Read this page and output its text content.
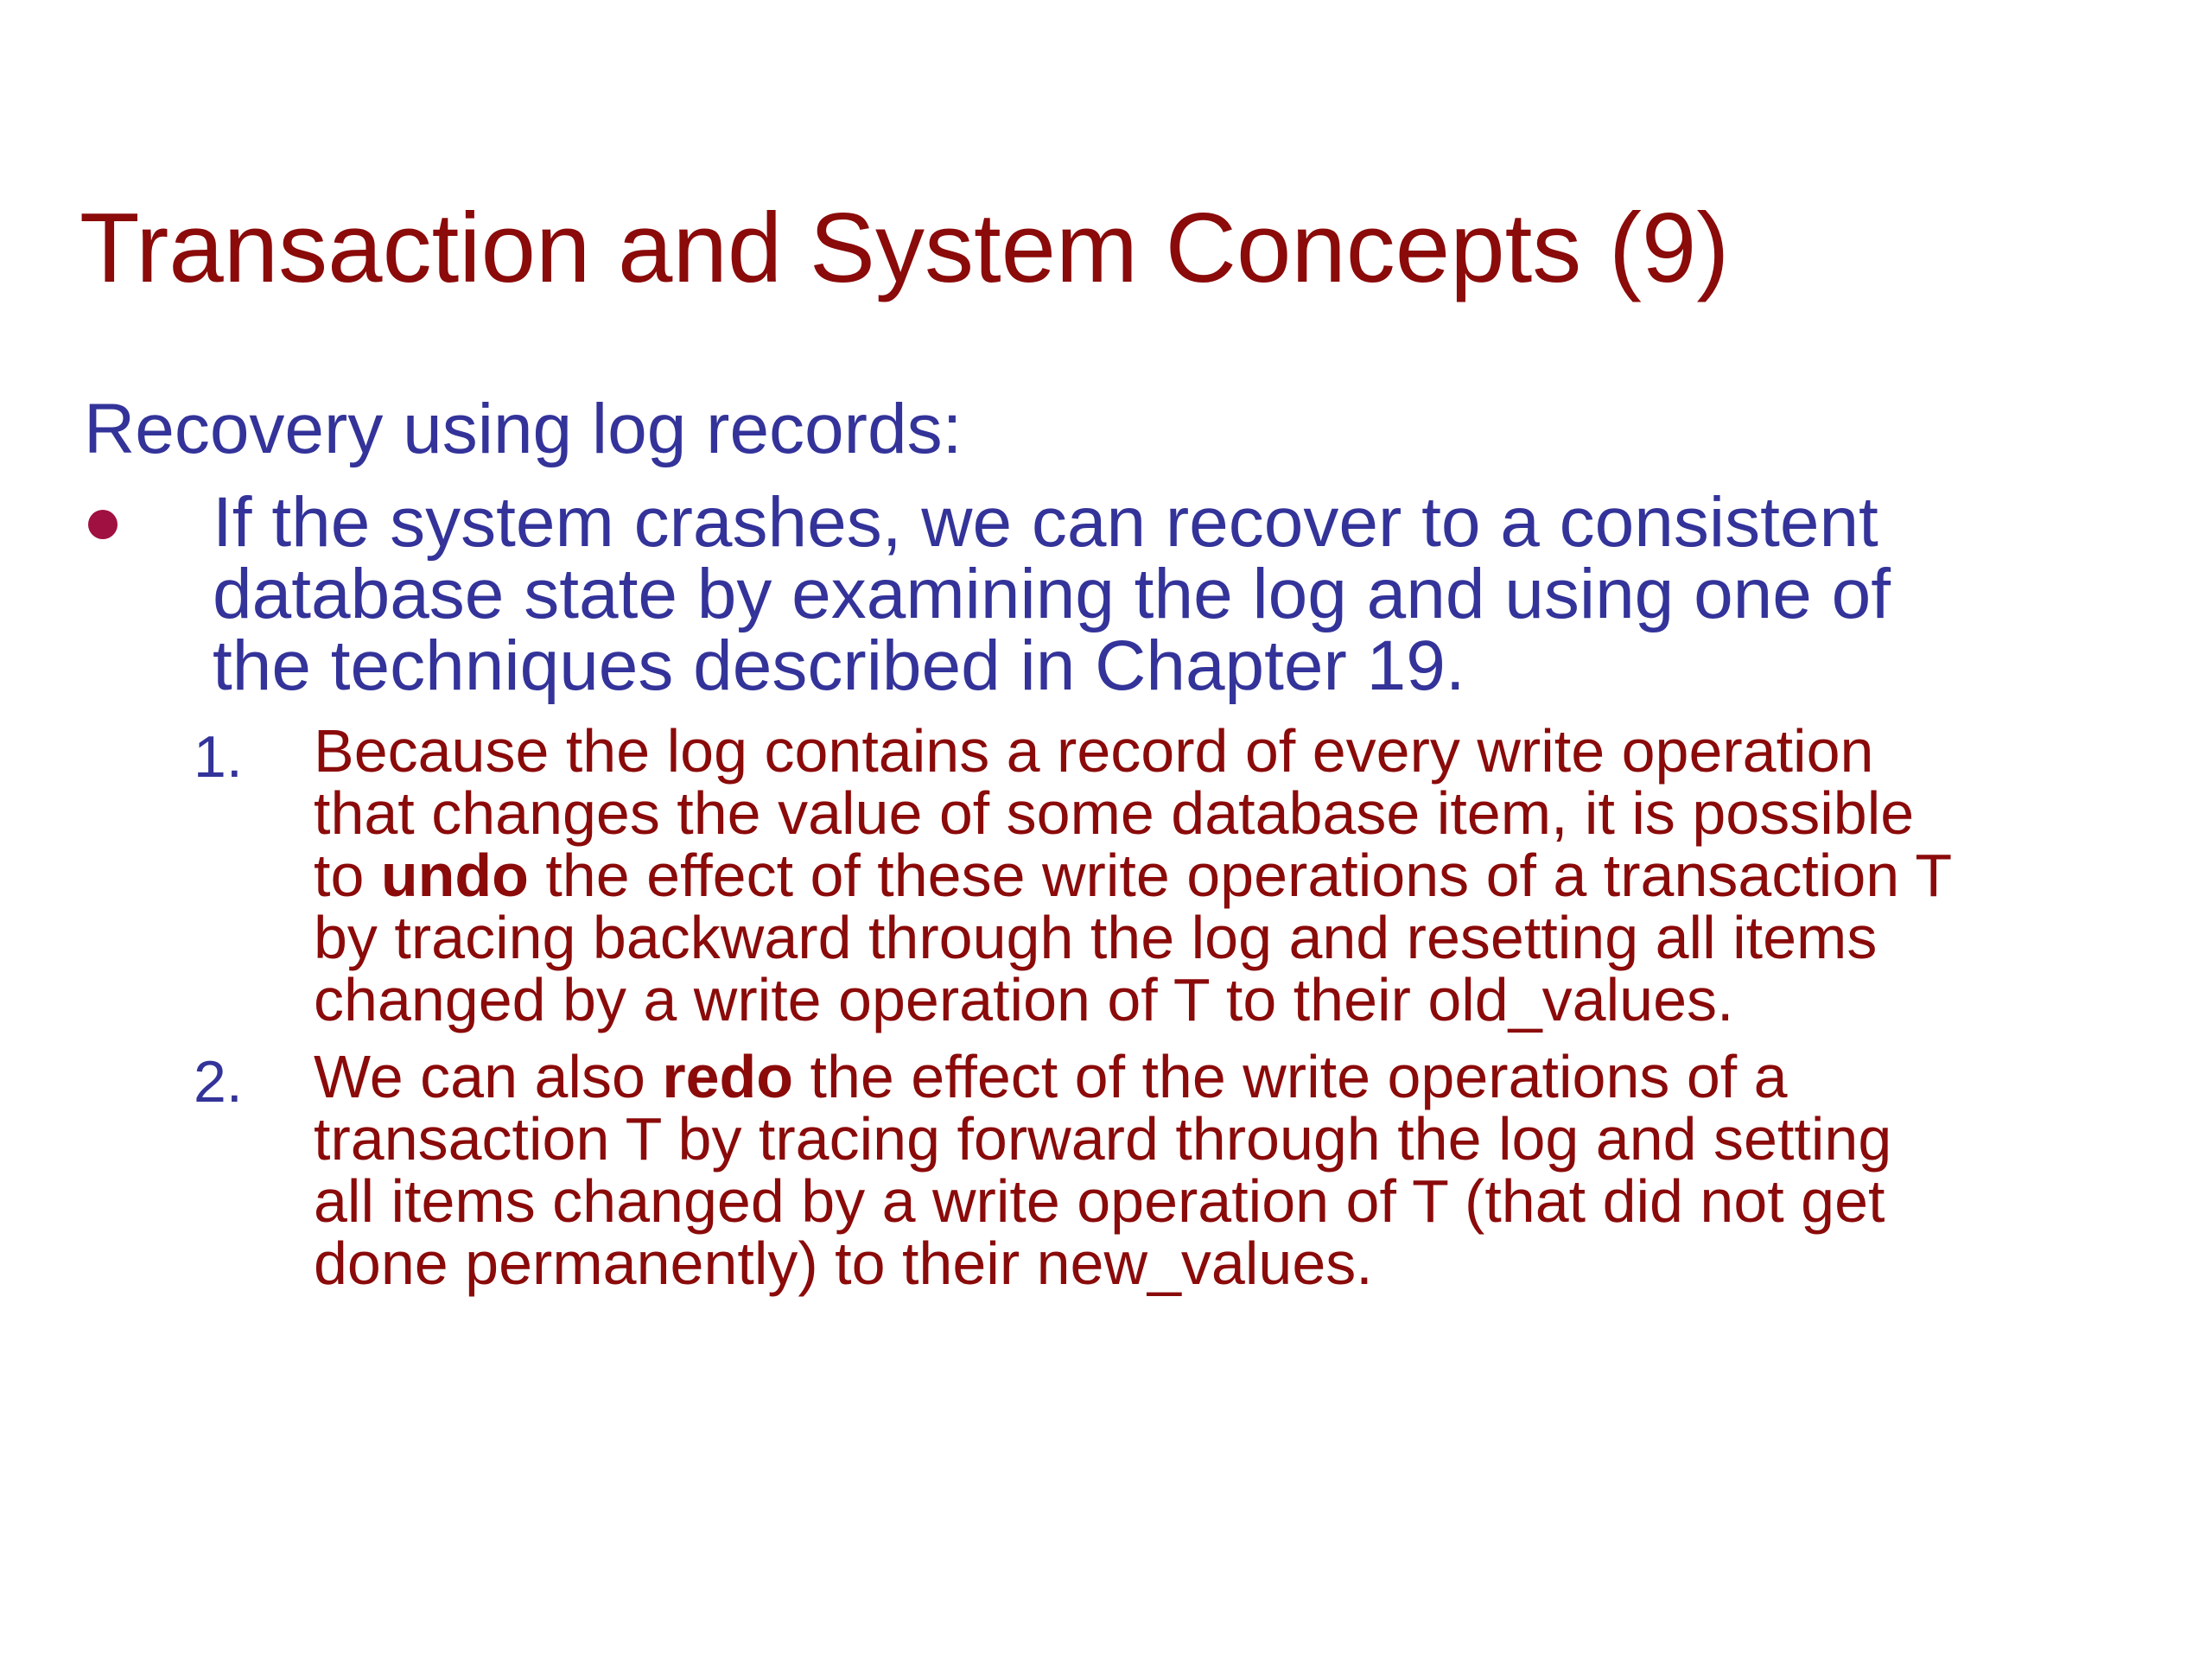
Transaction and System Concepts (9)

Recovery using log records:

If the system crashes, we can recover to a consistent
database state by examining the log and using one of
the techniques described in Chapter 19.

1. Because the log contains a record of every write operation
that changes the value of some database item, it is possible
to undo the effect of these write operations of a transaction T
by tracing backward through the log and resetting all items
changed by a write operation of T to their old_values.

2. We can also redo the effect of the write operations of a
transaction T by tracing forward through the log and setting
all items changed by a write operation of T (that did not get
done permanently) to their new_values.
